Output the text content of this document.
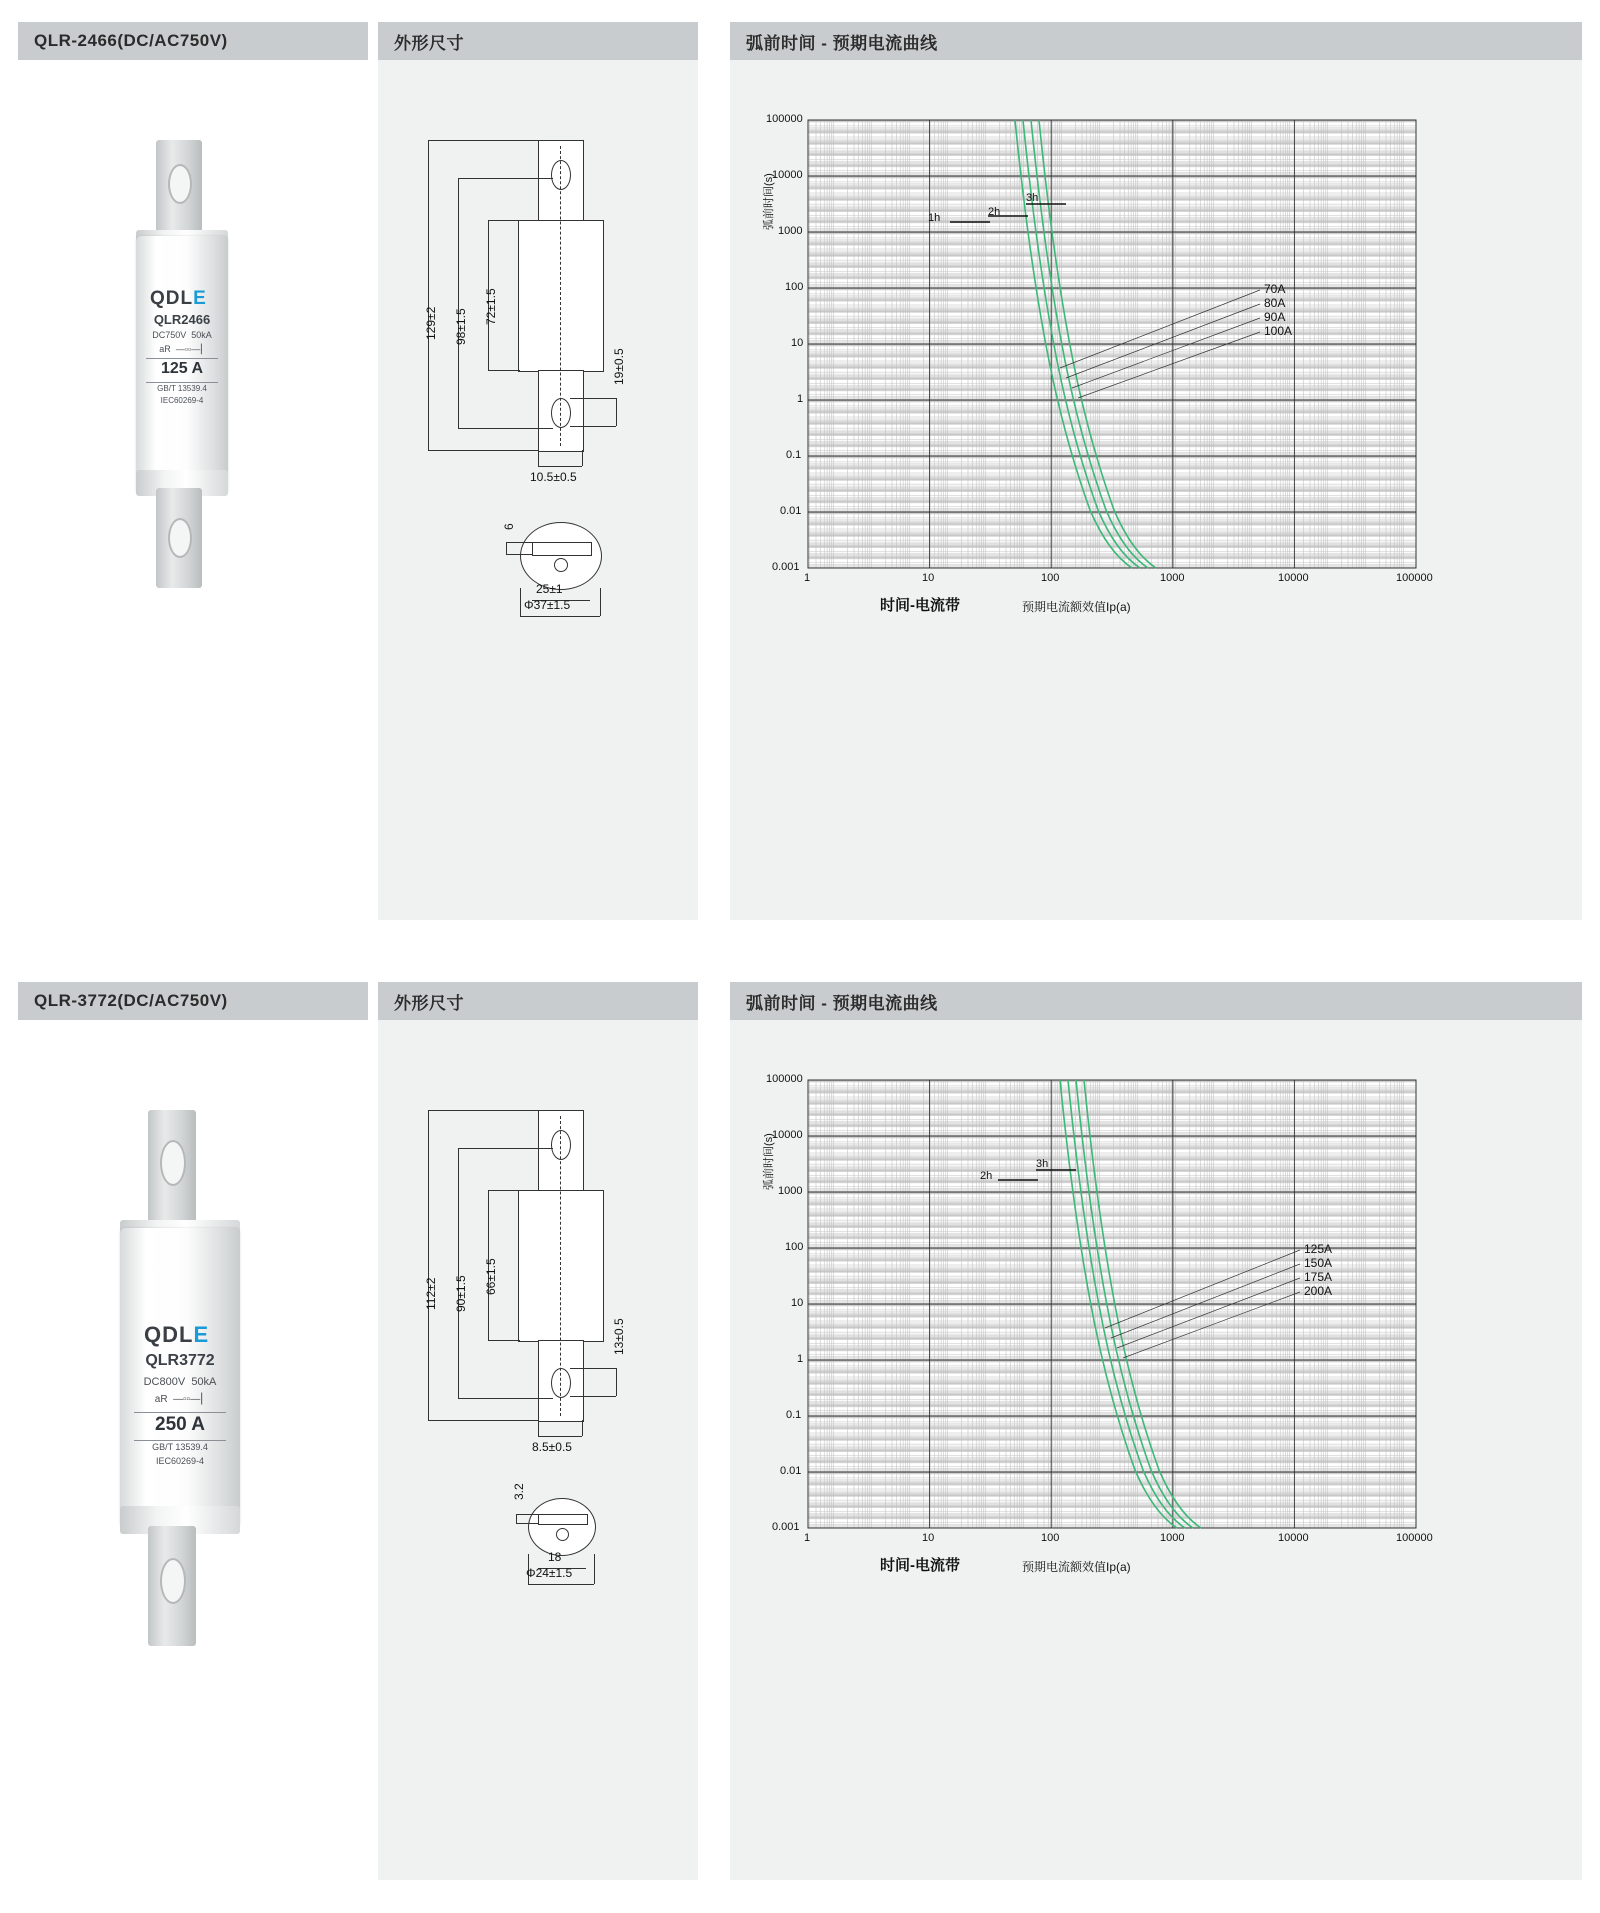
QLR-2466(DC/AC750V)	外形尺寸	弧前时间 - 预期电流曲线
QDLE
QLR2466
DC750V 50kA
aR  —▫▫—⎢
125 A
GB/T 13539.4
IEC60269-4
129±2 98±1.5
72±1.5
19±0.5
10.5±0.5
6
25±1
Φ37±1.5
100000
10000
1000
100
10
1
0.1
0.01
0.001
弧前时间(s)
1	10	100	1000	10000	100000
时间-电流带	预期电流额效值Ip(a)
1h	2h
3h
70A
80A
90A
100A
QLR-3772(DC/AC750V)	外形尺寸	弧前时间 - 预期电流曲线
QDLE
QLR3772
DC800V 50kA
aR  —▫▫—⎢
250 A
GB/T 13539.4
IEC60269-4
112±2 90±1.5 66±1.5
13±0.5
8.5±0.5
3.2
18
Φ24±1.5
100000
10000
1000
100
10
1
0.1
0.01
0.001
弧前时间(s)
1	10	100	1000	10000	100000
时间-电流带	预期电流额效值Ip(a)
2h
3h
125A
150A
175A
200A
